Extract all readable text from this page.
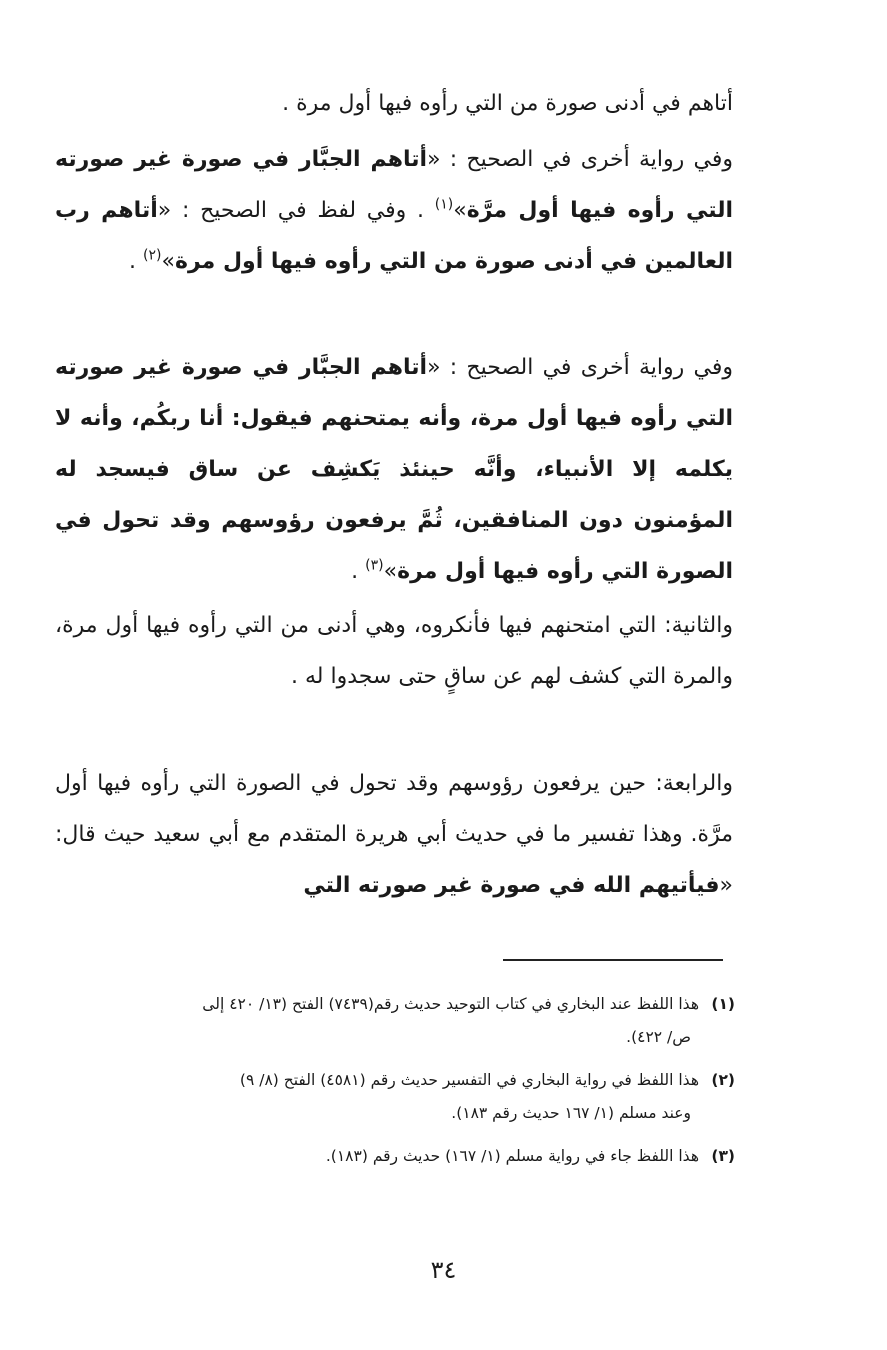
أتاهم في أدنى صورة من التي رأوه فيها أول مرة .

وفي رواية أخرى في الصحيح : «أتاهم الجبَّار في صورة غير صورته التي رأوه فيها أول مرَّة»$^{(١)}$ . وفي لفظ في الصحيح : «أتاهم رب العالمين في أدنى صورة من التي رأوه فيها أول مرة»$^{(٢)}$ .

وفي رواية أخرى في الصحيح : «أتاهم الجبَّار في صورة غير صورته التي رأوه فيها أول مرة، وأنه يمتحنهم فيقول: أنا ربكُم، وأنه لا يكلمه إلا الأنبياء، وأنَّه حينئذ يَكشِف عن ساق فيسجد له المؤمنون دون المنافقين، ثُمَّ يرفعون رؤوسهم وقد تحول في الصورة التي رأوه فيها أول مرة»$^{(٣)}$ .

والثانية: التي امتحنهم فيها فأنكروه، وهي أدنى من التي رأوه فيها أول مرة، والمرة التي كشف لهم عن ساقٍ حتى سجدوا له .

والرابعة: حين يرفعون رؤوسهم وقد تحول في الصورة التي رأوه فيها أول مرَّة. وهذا تفسير ما في حديث أبي هريرة المتقدم مع أبي سعيد حيث قال: «فيأتيهم الله في صورة غير صورته التي

(١)هذا اللفظ عند البخاري في كتاب التوحيد حديث رقم(٧٤٣٩) الفتح (١٣/ ٤٢٠ إلى
ص/ ٤٢٢).

(٢)هذا اللفظ في رواية البخاري في التفسير حديث رقم (٤٥٨١) الفتح (٨/ ٩)
وعند مسلم (١/ ١٦٧ حديث رقم ١٨٣).

(٣)هذا اللفظ جاء في رواية مسلم (١/ ١٦٧) حديث رقم (١٨٣).

٣٤
